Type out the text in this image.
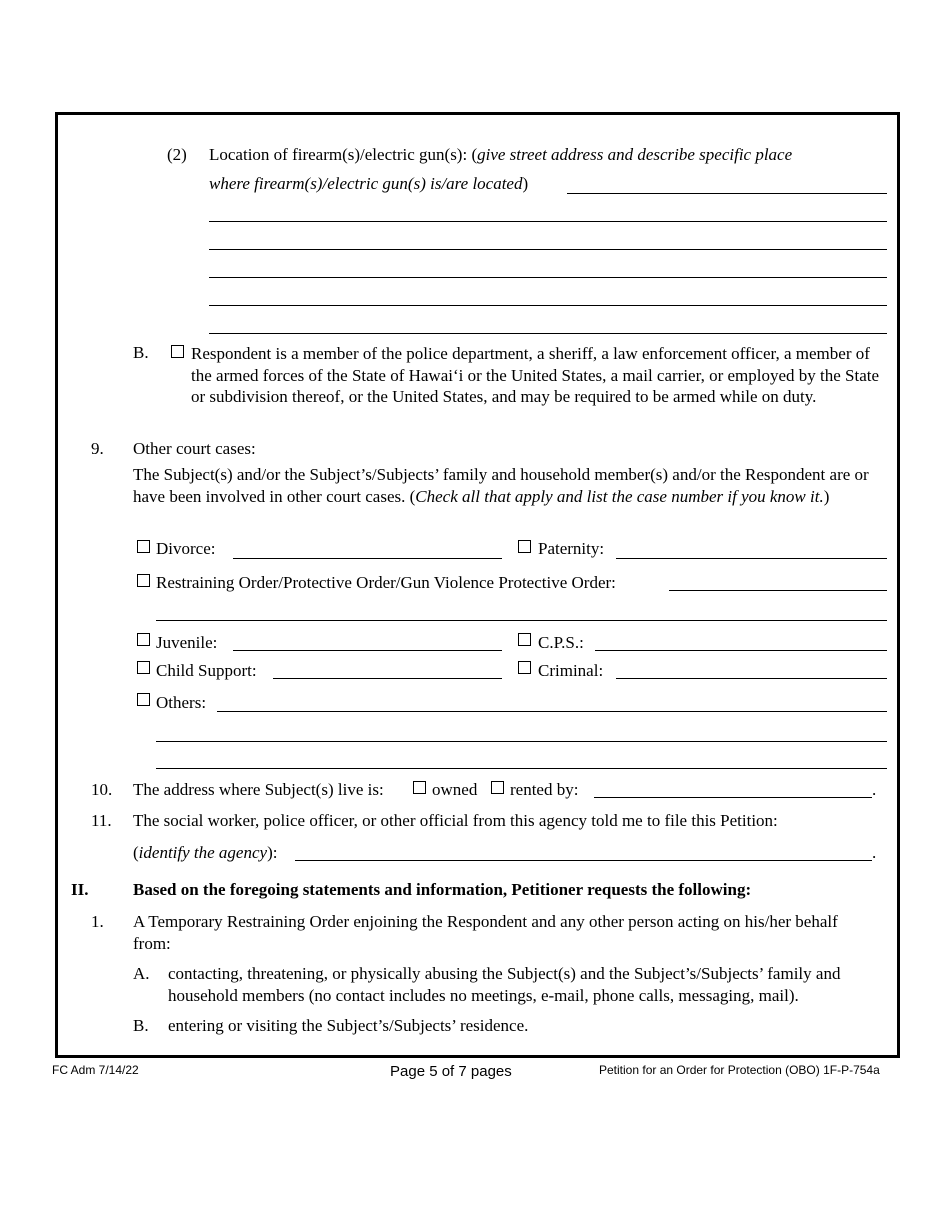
(2) Location of firearm(s)/electric gun(s): (give street address and describe specific place
where firearm(s)/electric gun(s) is/are located)
B. Respondent is a member of the police department, a sheriff, a law enforcement officer, a member of the armed forces of the State of Hawai‘i or the United States, a mail carrier, or employed by the State or subdivision thereof, or the United States, and may be required to be armed while on duty.
9. Other court cases:
The Subject(s) and/or the Subject’s/Subjects’ family and household member(s) and/or the Respondent are or have been involved in other court cases. (Check all that apply and list the case number if you know it.)
Divorce:	Paternity:
Restraining Order/Protective Order/Gun Violence Protective Order:
Juvenile:	C.P.S.:
Child Support:	Criminal:
Others:
10. The address where Subject(s) live is:	owned rented by:	.
11. The social worker, police officer, or other official from this agency told me to file this Petition:
(identify the agency):	.
II.	Based on the foregoing statements and information, Petitioner requests the following:
1. A Temporary Restraining Order enjoining the Respondent and any other person acting on his/her behalf from:
A. contacting, threatening, or physically abusing the Subject(s) and the Subject’s/Subjects’ family and household members (no contact includes no meetings, e-mail, phone calls, messaging, mail).
B. entering or visiting the Subject’s/Subjects’ residence.
FC Adm 7/14/22	Page 5 of 7 pages	Petition for an Order for Protection (OBO) 1F-P-754a
